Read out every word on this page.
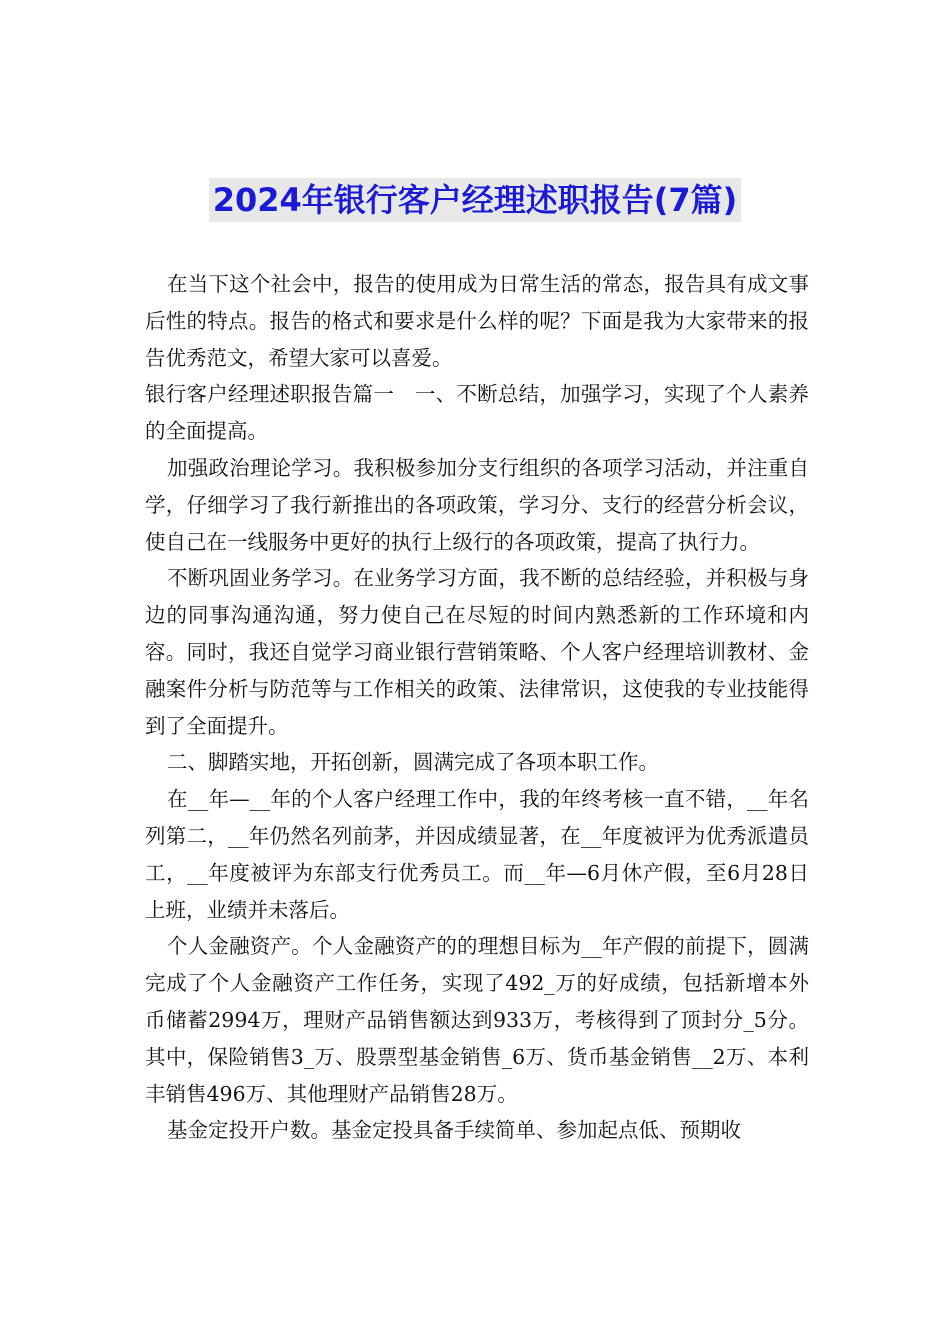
2024年银行客户经理述职报告(7篇)

在当下这个社会中，报告的使用成为日常生活的常态，报告具有成文事后性的特点。报告的格式和要求是什么样的呢？下面是我为大家带来的报告优秀范文，希望大家可以喜爱。

银行客户经理述职报告篇一　一、不断总结，加强学习，实现了个人素养的全面提高。

加强政治理论学习。我积极参加分支行组织的各项学习活动，并注重自学，仔细学习了我行新推出的各项政策，学习分、支行的经营分析会议，使自己在一线服务中更好的执行上级行的各项政策，提高了执行力。

不断巩固业务学习。在业务学习方面，我不断的总结经验，并积极与身边的同事沟通沟通，努力使自己在尽短的时间内熟悉新的工作环境和内容。同时，我还自觉学习商业银行营销策略、个人客户经理培训教材、金融案件分析与防范等与工作相关的政策、法律常识，这使我的专业技能得到了全面提升。

二、脚踏实地，开拓创新，圆满完成了各项本职工作。

在__年—__年的个人客户经理工作中，我的年终考核一直不错，__年名列第二，__年仍然名列前茅，并因成绩显著，在__年度被评为优秀派遣员工，__年度被评为东部支行优秀员工。而__年—6月休产假，至6月28日上班，业绩并未落后。

个人金融资产。个人金融资产的的理想目标为__年产假的前提下，圆满完成了个人金融资产工作任务，实现了492_万的好成绩，包括新增本外币储蓄2994万，理财产品销售额达到933万，考核得到了顶封分_5分。其中，保险销售3_万、股票型基金销售_6万、货币基金销售__2万、本利丰销售496万、其他理财产品销售28万。

基金定投开户数。基金定投具备手续简单、参加起点低、预期收
